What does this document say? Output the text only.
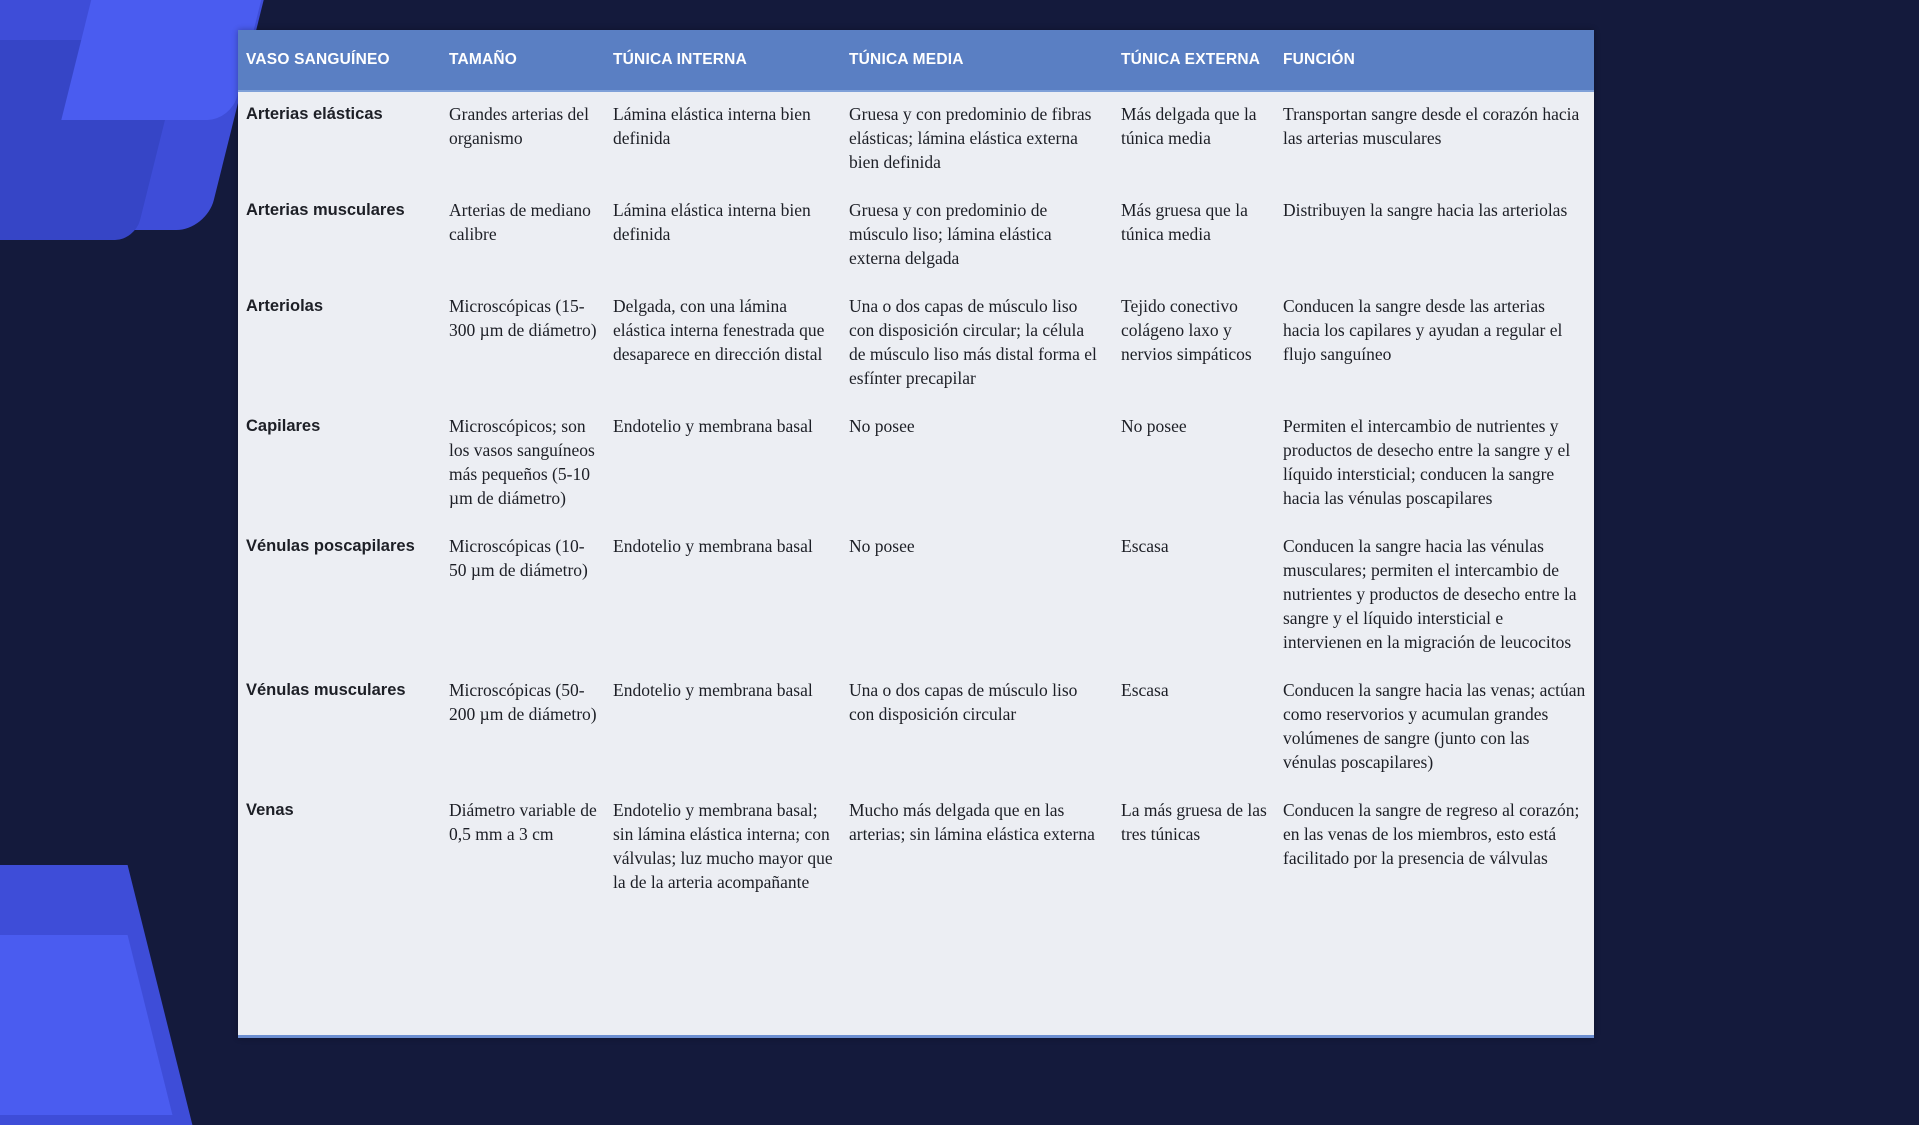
VASO SANGUÍNEO	TAMAÑO	TÚNICA INTERNA	TÚNICA MEDIA	TÚNICA EXTERNA	FUNCIÓN
Arterias elásticas	Grandes arterias del organismo	Lámina elástica interna bien definida	Gruesa y con predominio de fibras elásticas; lámina elástica externa bien definida	Más delgada que la túnica media	Transportan sangre desde el corazón hacia las arterias musculares
Arterias musculares	Arterias de mediano calibre	Lámina elástica interna bien definida	Gruesa y con predominio de músculo liso; lámina elástica externa delgada	Más gruesa que la túnica media	Distribuyen la sangre hacia las arteriolas
Arteriolas	Microscópicas (15-300 µm de diámetro)	Delgada, con una lámina elástica interna fenestrada que desaparece en dirección distal	Una o dos capas de músculo liso con disposición circular; la célula de músculo liso más distal forma el esfínter precapilar	Tejido conectivo colágeno laxo y nervios simpáticos	Conducen la sangre desde las arterias hacia los capilares y ayudan a regular el flujo sanguíneo
Capilares	Microscópicos; son los vasos sanguíneos más pequeños (5-10 µm de diámetro)	Endotelio y membrana basal	No posee	No posee	Permiten el intercambio de nutrientes y productos de desecho entre la sangre y el líquido intersticial; conducen la sangre hacia las vénulas poscapilares
Vénulas poscapilares	Microscópicas (10-50 µm de diámetro)	Endotelio y membrana basal	No posee	Escasa	Conducen la sangre hacia las vénulas musculares; permiten el intercambio de nutrientes y productos de desecho entre la sangre y el líquido intersticial e intervienen en la migración de leucocitos
Vénulas musculares	Microscópicas (50-200 µm de diámetro)	Endotelio y membrana basal	Una o dos capas de músculo liso con disposición circular	Escasa	Conducen la sangre hacia las venas; actúan como reservorios y acumulan grandes volúmenes de sangre (junto con las vénulas poscapilares)
Venas	Diámetro variable de 0,5 mm a 3 cm	Endotelio y membrana basal; sin lámina elástica interna; con válvulas; luz mucho mayor que la de la arteria acompañante	Mucho más delgada que en las arterias; sin lámina elástica externa	La más gruesa de las tres túnicas	Conducen la sangre de regreso al corazón; en las venas de los miembros, esto está facilitado por la presencia de válvulas
